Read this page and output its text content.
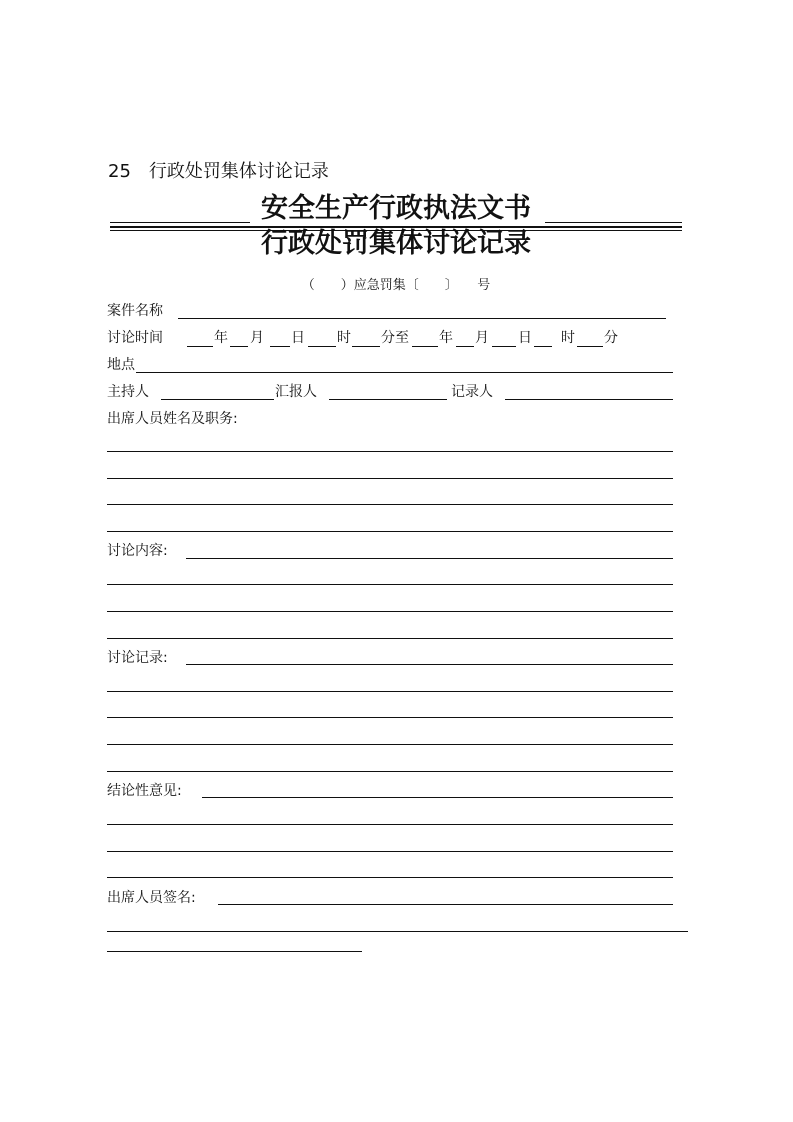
25　行政处罚集体讨论记录
安全生产行政执法文书
行政处罚集体讨论记录
（　　）应急罚集〔　　〕　　号
案件名称
讨论时间	年 月 日 时 分至 年 月 日 时 分
地点
主持人	汇报人	记录人
出席人员姓名及职务:
讨论内容:
讨论记录:
结论性意见:
出席人员签名:
